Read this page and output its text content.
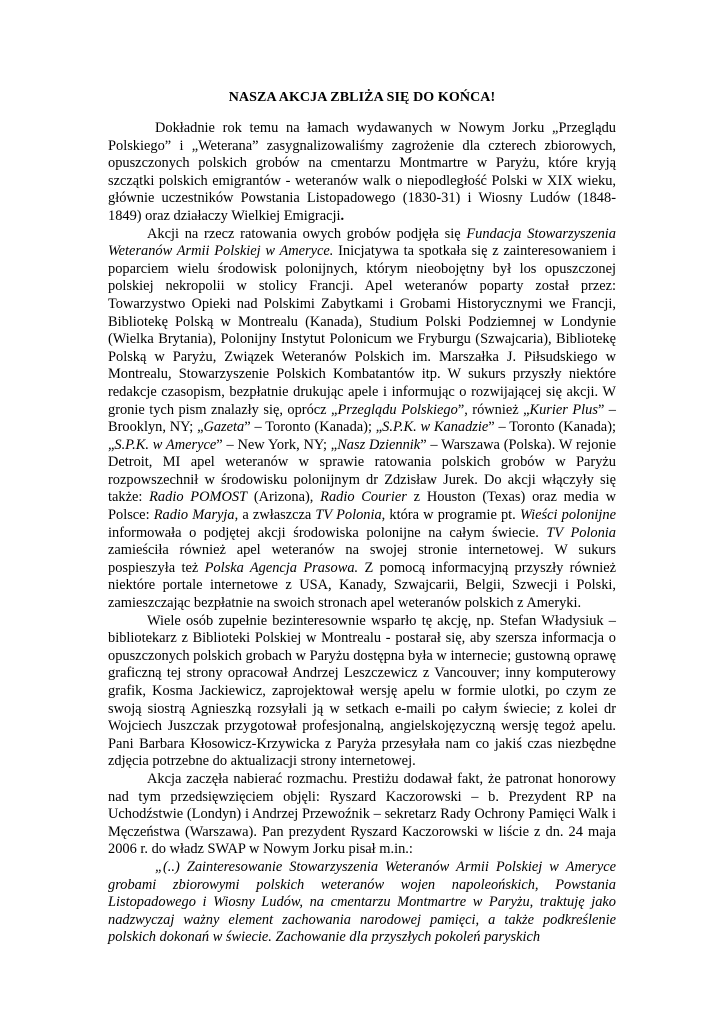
NASZA AKCJA ZBLIŻA SIĘ DO KOŃCA!

Dokładnie rok temu na łamach wydawanych w Nowym Jorku „Przeglądu Polskiego” i „Weterana” zasygnalizowaliśmy zagrożenie dla czterech zbiorowych, opuszczonych polskich grobów na cmentarzu Montmartre w Paryżu, które kryją szczątki polskich emigrantów - weteranów walk o niepodległość Polski w XIX wieku, głównie uczestników Powstania Listopadowego (1830-31) i Wiosny Ludów (1848-1849) oraz działaczy Wielkiej Emigracji.

Akcji na rzecz ratowania owych grobów podjęła się Fundacja Stowarzyszenia Weteranów Armii Polskiej w Ameryce. Inicjatywa ta spotkała się z zainteresowaniem i poparciem wielu środowisk polonijnych, którym nieobojętny był los opuszczonej polskiej nekropolii w stolicy Francji. Apel weteranów poparty został przez: Towarzystwo Opieki nad Polskimi Zabytkami i Grobami Historycznymi we Francji, Bibliotekę Polską w Montrealu (Kanada), Studium Polski Podziemnej w Londynie (Wielka Brytania), Polonijny Instytut Polonicum we Fryburgu (Szwajcaria), Bibliotekę Polską w Paryżu, Związek Weteranów Polskich im. Marszałka J. Piłsudskiego w Montrealu, Stowarzyszenie Polskich Kombatantów itp. W sukurs przyszły niektóre redakcje czasopism, bezpłatnie drukując apele i informując o rozwijającej się akcji. W gronie tych pism znalazły się, oprócz „Przeglądu Polskiego”, również „Kurier Plus” – Brooklyn, NY; „Gazeta” – Toronto (Kanada); „S.P.K. w Kanadzie” – Toronto (Kanada); „S.P.K. w Ameryce” – New York, NY; „Nasz Dziennik” – Warszawa (Polska). W rejonie Detroit, MI apel weteranów w sprawie ratowania polskich grobów w Paryżu rozpowszechnił w środowisku polonijnym dr Zdzisław Jurek. Do akcji włączyły się także: Radio POMOST (Arizona), Radio Courier z Houston (Texas) oraz media w Polsce: Radio Maryja, a zwłaszcza TV Polonia, która w programie pt. Wieści polonijne informowała o podjętej akcji środowiska polonijne na całym świecie. TV Polonia zamieściła również apel weteranów na swojej stronie internetowej. W sukurs pospieszyła też Polska Agencja Prasowa. Z pomocą informacyjną przyszły również niektóre portale internetowe z USA, Kanady, Szwajcarii, Belgii, Szwecji i Polski, zamieszczając bezpłatnie na swoich stronach apel weteranów polskich z Ameryki.

Wiele osób zupełnie bezinteresownie wsparło tę akcję, np. Stefan Władysiuk – bibliotekarz z Biblioteki Polskiej w Montrealu - postarał się, aby szersza informacja o opuszczonych polskich grobach w Paryżu dostępna była w internecie; gustowną oprawę graficzną tej strony opracował Andrzej Leszczewicz z Vancouver; inny komputerowy grafik, Kosma Jackiewicz, zaprojektował wersję apelu w formie ulotki, po czym ze swoją siostrą Agnieszką rozsyłali ją w setkach e-maili po całym świecie; z kolei dr Wojciech Juszczak przygotował profesjonalną, angielskojęzyczną wersję tegoż apelu. Pani Barbara Kłosowicz-Krzywicka z Paryża przesyłała nam co jakiś czas niezbędne zdjęcia potrzebne do aktualizacji strony internetowej.

Akcja zaczęła nabierać rozmachu. Prestiżu dodawał fakt, że patronat honorowy nad tym przedsięwzięciem objęli: Ryszard Kaczorowski – b. Prezydent RP na Uchodźstwie (Londyn) i Andrzej Przewoźnik – sekretarz Rady Ochrony Pamięci Walk i Męczeństwa (Warszawa). Pan prezydent Ryszard Kaczorowski w liście z dn. 24 maja 2006 r. do władz SWAP w Nowym Jorku pisał m.in.:

„(..) Zainteresowanie Stowarzyszenia Weteranów Armii Polskiej w Ameryce grobami zbiorowymi polskich weteranów wojen napoleońskich, Powstania Listopadowego i Wiosny Ludów, na cmentarzu Montmartre w Paryżu, traktuję jako nadzwyczaj ważny element zachowania narodowej pamięci, a także podkreślenie polskich dokonań w świecie. Zachowanie dla przyszłych pokoleń paryskich
